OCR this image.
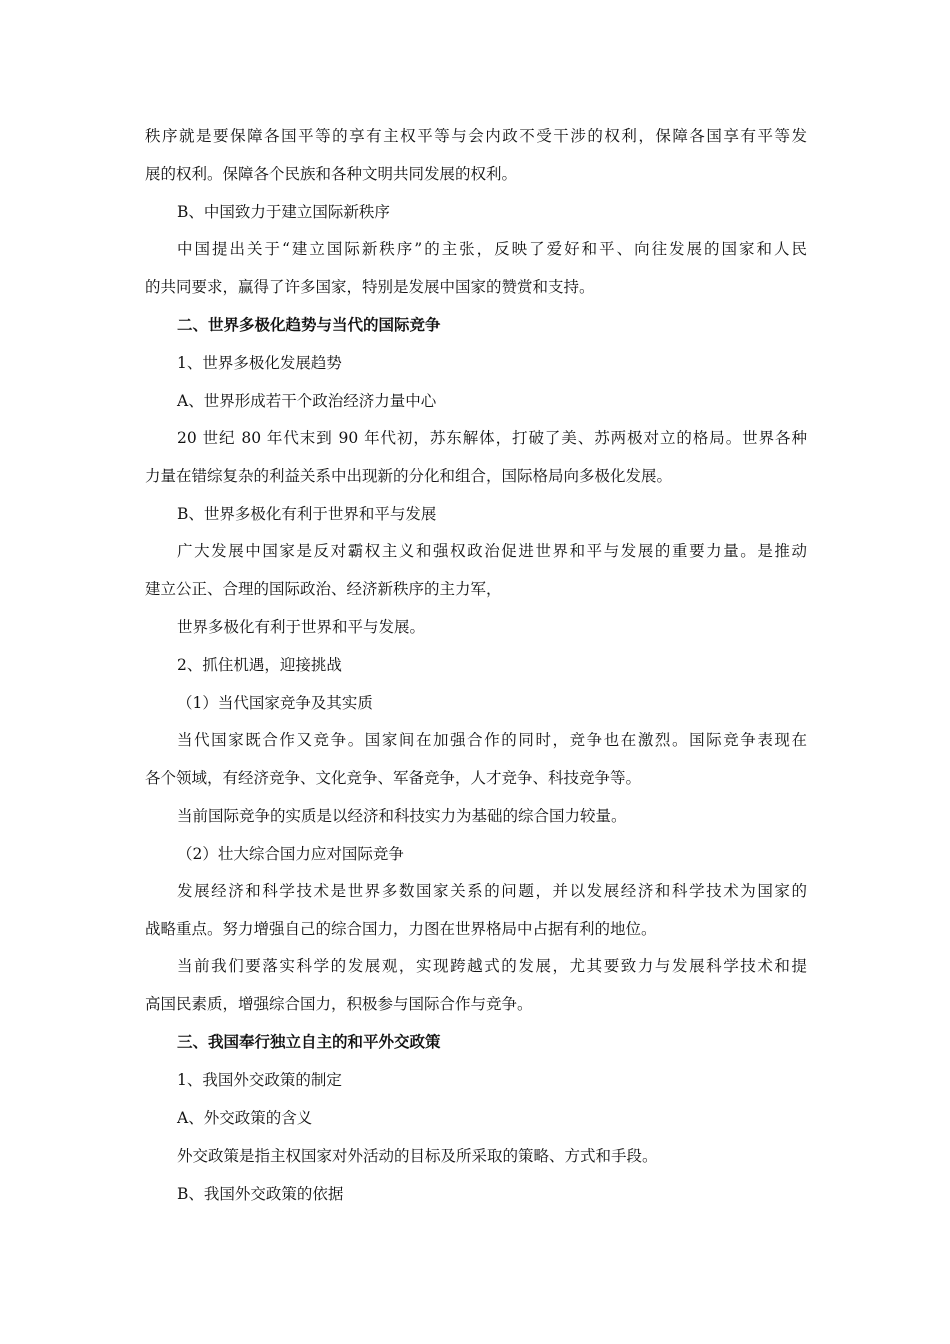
秩序就是要保障各国平等的享有主权平等与会内政不受干涉的权利，保障各国享有平等发
展的权利。保障各个民族和各种文明共同发展的权利。
B、中国致力于建立国际新秩序
中国提出关于“建立国际新秩序”的主张，反映了爱好和平、向往发展的国家和人民
的共同要求，赢得了许多国家，特别是发展中国家的赞赏和支持。
二、世界多极化趋势与当代的国际竞争
1、世界多极化发展趋势
A、世界形成若干个政治经济力量中心
20 世纪 80 年代末到 90 年代初，苏东解体，打破了美、苏两极对立的格局。世界各种
力量在错综复杂的利益关系中出现新的分化和组合，国际格局向多极化发展。
B、世界多极化有利于世界和平与发展
广大发展中国家是反对霸权主义和强权政治促进世界和平与发展的重要力量。是推动
建立公正、合理的国际政治、经济新秩序的主力军，
世界多极化有利于世界和平与发展。
2、抓住机遇，迎接挑战
（1）当代国家竞争及其实质
当代国家既合作又竞争。国家间在加强合作的同时，竞争也在激烈。国际竞争表现在
各个领域，有经济竞争、文化竞争、军备竞争，人才竞争、科技竞争等。
当前国际竞争的实质是以经济和科技实力为基础的综合国力较量。
（2）壮大综合国力应对国际竞争
发展经济和科学技术是世界多数国家关系的问题，并以发展经济和科学技术为国家的
战略重点。努力增强自己的综合国力，力图在世界格局中占据有利的地位。
当前我们要落实科学的发展观，实现跨越式的发展，尤其要致力与发展科学技术和提
高国民素质，增强综合国力，积极参与国际合作与竞争。
三、我国奉行独立自主的和平外交政策
1、我国外交政策的制定
A、外交政策的含义
外交政策是指主权国家对外活动的目标及所采取的策略、方式和手段。
B、我国外交政策的依据
